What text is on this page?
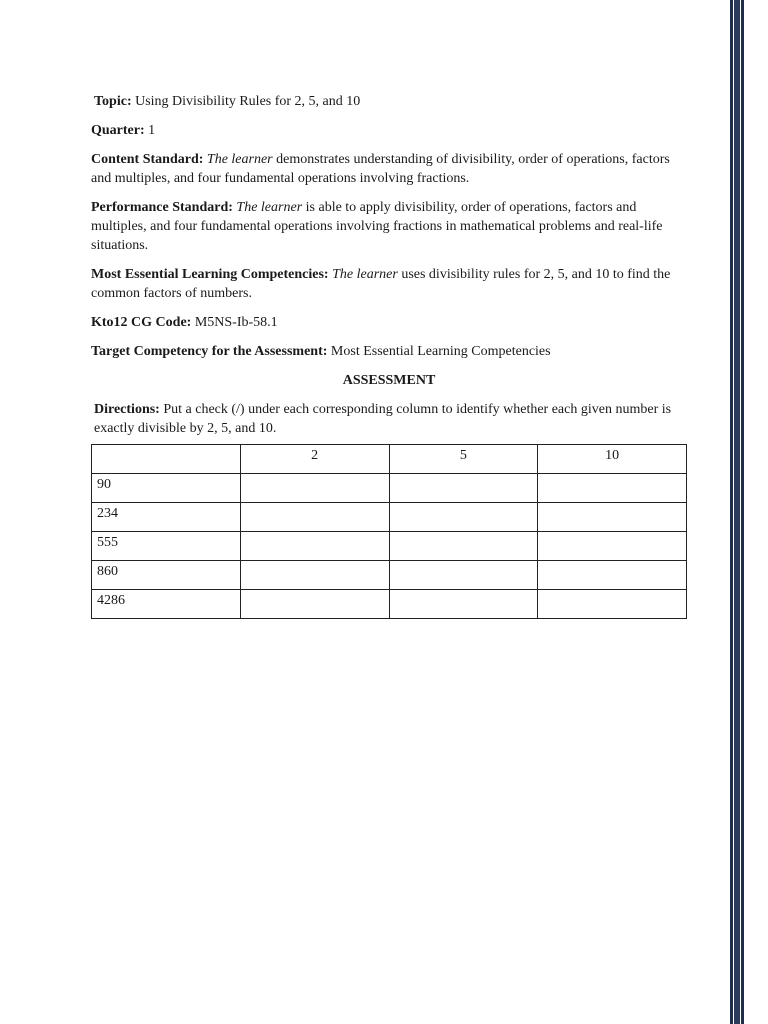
Topic: Using Divisibility Rules for 2, 5, and 10

Quarter: 1

Content Standard: The learner demonstrates understanding of divisibility, order of operations, factors and multiples, and four fundamental operations involving fractions.

Performance Standard: The learner is able to apply divisibility, order of operations, factors and multiples, and four fundamental operations involving fractions in mathematical problems and real-life situations.

Most Essential Learning Competencies: The learner uses divisibility rules for 2, 5, and 10 to find the common factors of numbers.

Kto12 CG Code: M5NS-Ib-58.1

Target Competency for the Assessment: Most Essential Learning Competencies

ASSESSMENT

Directions: Put a check (/) under each corresponding column to identify whether each given number is exactly divisible by 2, 5, and 10.

	2	5	10
90			
234			
555			
860			
4286			
